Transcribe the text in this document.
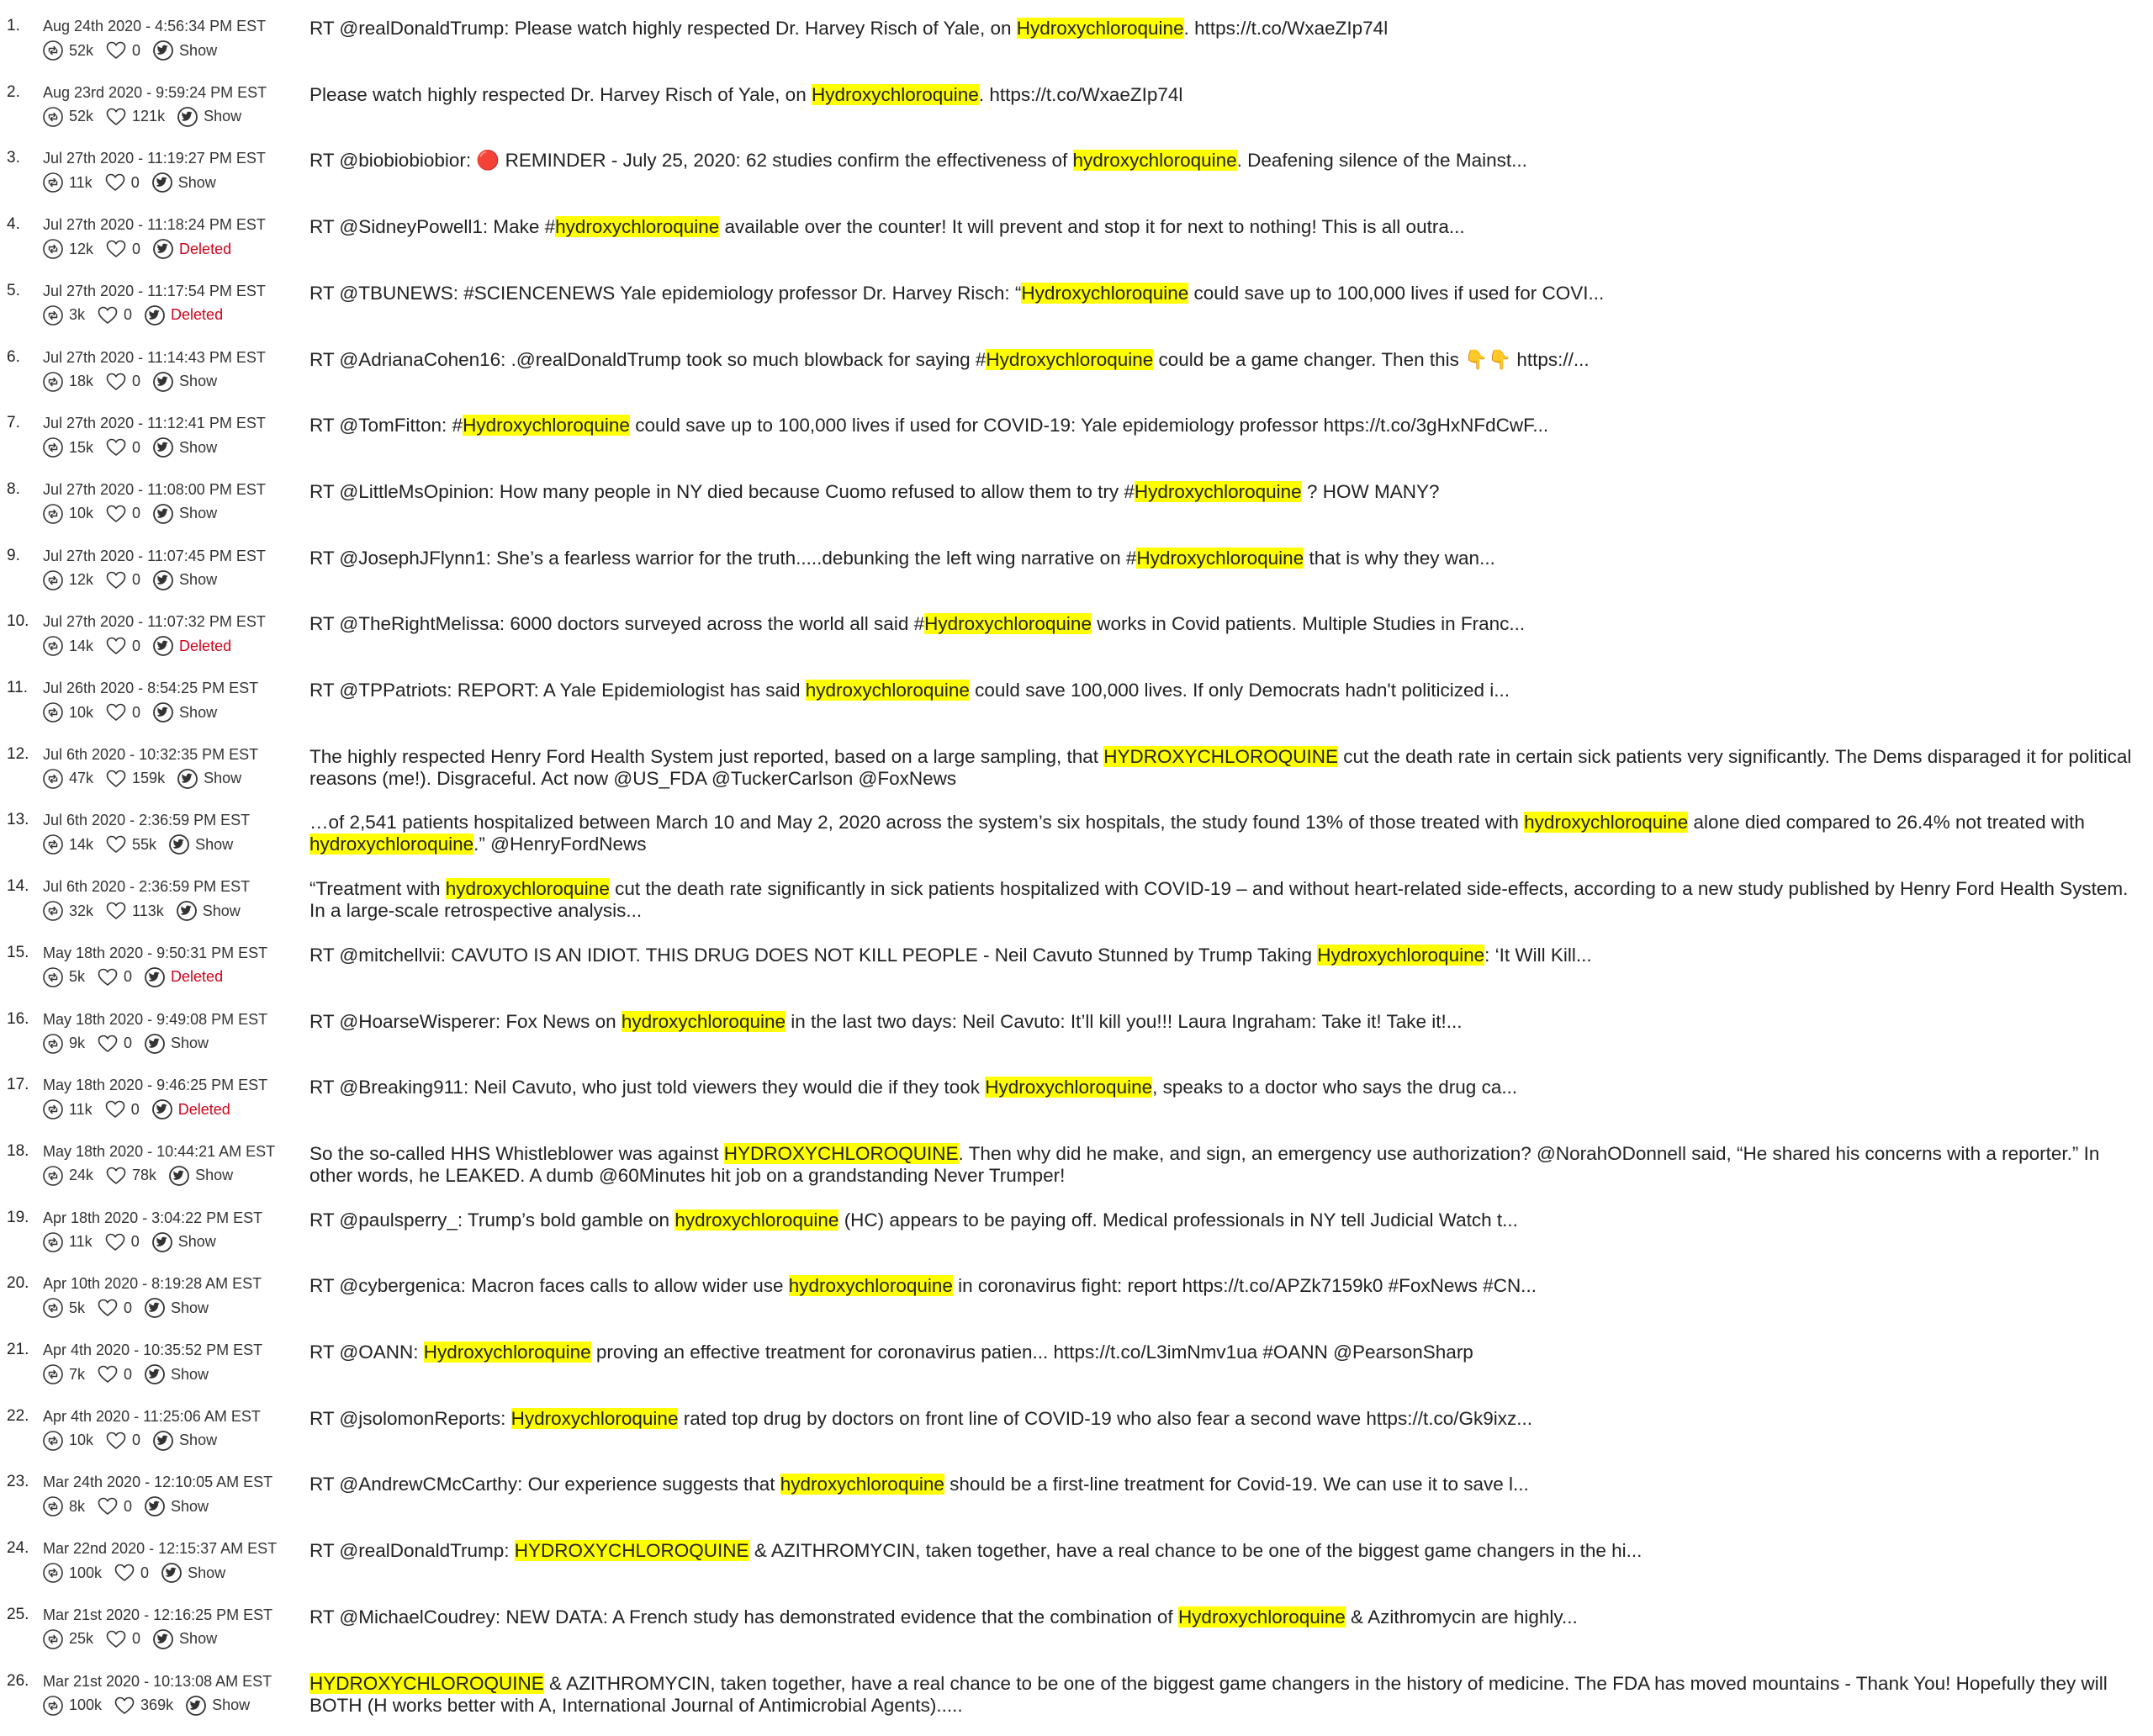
1.	Aug 24th 2020 - 4:56:34 PM EST
52k	0	Show
RT @realDonaldTrump: Please watch highly respected Dr. Harvey Risch of Yale, on Hydroxychloroquine. https://t.co/WxaeZIp74l
2.	Aug 23rd 2020 - 9:59:24 PM EST
52k	121k	Show
Please watch highly respected Dr. Harvey Risch of Yale, on Hydroxychloroquine. https://t.co/WxaeZIp74l
3.	Jul 27th 2020 - 11:19:27 PM EST
11k	0	Show
RT @biobiobiobior: 🔴 REMINDER - July 25, 2020: 62 studies confirm the effectiveness of hydroxychloroquine. Deafening silence of the Mainst...
4.	Jul 27th 2020 - 11:18:24 PM EST
12k	0	Deleted
RT @SidneyPowell1: Make #hydroxychloroquine available over the counter! It will prevent and stop it for next to nothing! This is all outra...
5.	Jul 27th 2020 - 11:17:54 PM EST
3k	0	Deleted
RT @TBUNEWS: #SCIENCENEWS Yale epidemiology professor Dr. Harvey Risch: “Hydroxychloroquine could save up to 100,000 lives if used for COVI...
6.	Jul 27th 2020 - 11:14:43 PM EST
18k	0	Show
RT @AdrianaCohen16: .@realDonaldTrump took so much blowback for saying #Hydroxychloroquine could be a game changer. Then this 👇👇 https://...
7.	Jul 27th 2020 - 11:12:41 PM EST
15k	0	Show
RT @TomFitton: #Hydroxychloroquine could save up to 100,000 lives if used for COVID-19: Yale epidemiology professor https://t.co/3gHxNFdCwF...
8.	Jul 27th 2020 - 11:08:00 PM EST
10k	0	Show
RT @LittleMsOpinion: How many people in NY died because Cuomo refused to allow them to try #Hydroxychloroquine ? HOW MANY?
9.	Jul 27th 2020 - 11:07:45 PM EST
12k	0	Show
RT @JosephJFlynn1: She’s a fearless warrior for the truth.....debunking the left wing narrative on #Hydroxychloroquine that is why they wan...
10. Jul 27th 2020 - 11:07:32 PM EST
14k	0	Deleted
RT @TheRightMelissa: 6000 doctors surveyed across the world all said #Hydroxychloroquine works in Covid patients. Multiple Studies in Franc...
11. Jul 26th 2020 - 8:54:25 PM EST
10k	0	Show
RT @TPPatriots: REPORT: A Yale Epidemiologist has said hydroxychloroquine could save 100,000 lives. If only Democrats hadn't politicized i...
12. Jul 6th 2020 - 10:32:35 PM EST
47k	159k	Show
The highly respected Henry Ford Health System just reported, based on a large sampling, that HYDROXYCHLOROQUINE cut the death rate in certain sick patients very significantly. The Dems disparaged it for political reasons (me!). Disgraceful. Act now @US_FDA @TuckerCarlson @FoxNews
13. Jul 6th 2020 - 2:36:59 PM EST
14k	55k	Show
…of 2,541 patients hospitalized between March 10 and May 2, 2020 across the system’s six hospitals, the study found 13% of those treated with hydroxychloroquine alone died compared to 26.4% not treated with hydroxychloroquine.” @HenryFordNews
14. Jul 6th 2020 - 2:36:59 PM EST
32k	113k	Show
“Treatment with hydroxychloroquine cut the death rate significantly in sick patients hospitalized with COVID-19 – and without heart-related side-effects, according to a new study published by Henry Ford Health System. In a large-scale retrospective analysis...
15. May 18th 2020 - 9:50:31 PM EST
5k	0	Deleted
RT @mitchellvii: CAVUTO IS AN IDIOT. THIS DRUG DOES NOT KILL PEOPLE - Neil Cavuto Stunned by Trump Taking Hydroxychloroquine: ‘It Will Kill...
16. May 18th 2020 - 9:49:08 PM EST
9k	0	Show
RT @HoarseWisperer: Fox News on hydroxychloroquine in the last two days: Neil Cavuto: It’ll kill you!!! Laura Ingraham: Take it! Take it!...
17. May 18th 2020 - 9:46:25 PM EST
11k	0	Deleted
RT @Breaking911: Neil Cavuto, who just told viewers they would die if they took Hydroxychloroquine, speaks to a doctor who says the drug ca...
18. May 18th 2020 - 10:44:21 AM EST
24k	78k	Show
So the so-called HHS Whistleblower was against HYDROXYCHLOROQUINE. Then why did he make, and sign, an emergency use authorization? @NorahODonnell said, “He shared his concerns with a reporter.” In other words, he LEAKED. A dumb @60Minutes hit job on a grandstanding Never Trumper!
19. Apr 18th 2020 - 3:04:22 PM EST
11k	0	Show
RT @paulsperry_: Trump’s bold gamble on hydroxychloroquine (HC) appears to be paying off. Medical professionals in NY tell Judicial Watch t...
20. Apr 10th 2020 - 8:19:28 AM EST
5k	0	Show
RT @cybergenica: Macron faces calls to allow wider use hydroxychloroquine in coronavirus fight: report https://t.co/APZk7159k0 #FoxNews #CN...
21. Apr 4th 2020 - 10:35:52 PM EST
7k	0	Show
RT @OANN: Hydroxychloroquine proving an effective treatment for coronavirus patien... https://t.co/L3imNmv1ua #OANN @PearsonSharp
22. Apr 4th 2020 - 11:25:06 AM EST
10k	0	Show
RT @jsolomonReports: Hydroxychloroquine rated top drug by doctors on front line of COVID-19 who also fear a second wave https://t.co/Gk9ixz...
23. Mar 24th 2020 - 12:10:05 AM EST
8k	0	Show
RT @AndrewCMcCarthy: Our experience suggests that hydroxychloroquine should be a first-line treatment for Covid-19. We can use it to save l...
24. Mar 22nd 2020 - 12:15:37 AM EST
100k	0	Show
RT @realDonaldTrump: HYDROXYCHLOROQUINE & AZITHROMYCIN, taken together, have a real chance to be one of the biggest game changers in the hi...
25. Mar 21st 2020 - 12:16:25 PM EST
25k	0	Show
RT @MichaelCoudrey: NEW DATA: A French study has demonstrated evidence that the combination of Hydroxychloroquine & Azithromycin are highly...
26. Mar 21st 2020 - 10:13:08 AM EST
100k	369k	Show
HYDROXYCHLOROQUINE & AZITHROMYCIN, taken together, have a real chance to be one of the biggest game changers in the history of medicine. The FDA has moved mountains - Thank You! Hopefully they will BOTH (H works better with A, International Journal of Antimicrobial Agents).....
